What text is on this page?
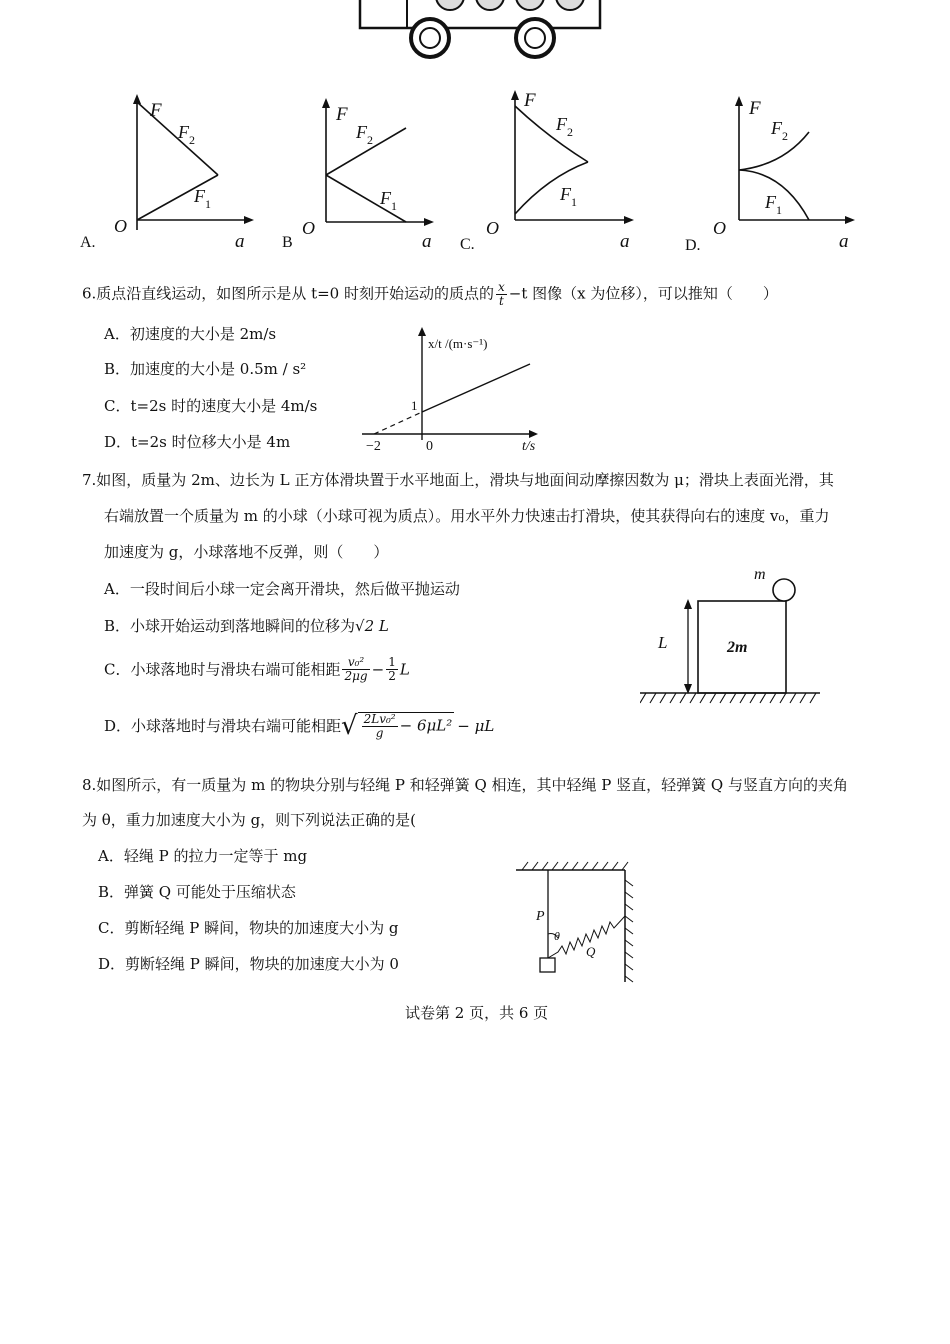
F
F 2
F 1
O
a
A.
F
F 2
F 1
O
a
B
F
F 2
F 1
O
a
C.
F
F 2
F 1
O
a
D.
6.质点沿直线运动，如图所示是从 t=0 时刻开始运动的质点的 $\frac{x}{t} -t$ 图像（x 为位移），可以推知（　　）
A．初速度的大小是 2m/s
B．加速度的大小是 0.5m / s²
C．t=2s 时的速度大小是 4m/s
D．t=2s 时位移大小是 4m
x/t /(m·s⁻¹)
1
0
−2	t/s
7.如图，质量为 2m、边长为 L 正方体滑块置于水平地面上，滑块与地面间动摩擦因数为 μ；滑块上表面光滑，其
右端放置一个质量为 m 的小球（小球可视为质点）。用水平外力快速击打滑块，使其获得向右的速度 v₀，重力
加速度为 g，小球落地不反弹，则（　　）
A．一段时间后小球一定会离开滑块，然后做平抛运动
B．小球开始运动到落地瞬间的位移为√2 L
C．小球落地时与滑块右端可能相距 $\frac{\text{v₀²}}{2\mu g} - \frac{1}{2}$ L
D．小球落地时与滑块右端可能相距√ $\frac{\text{2Lv₀²}}{g} - 6\mu L^2 - \mu L$
m
2m
L
8.如图所示，有一质量为 m 的物块分别与轻绳 P 和轻弹簧 Q 相连，其中轻绳 P 竖直，轻弹簧 Q 与竖直方向的夹角
为 θ，重力加速度大小为 g，则下列说法正确的是(
A．轻绳 P 的拉力一定等于 mg
B．弹簧 Q 可能处于压缩状态
C．剪断轻绳 P 瞬间，物块的加速度大小为 g
D．剪断轻绳 P 瞬间，物块的加速度大小为 0
P
θ
Q
试卷第 2 页，共 6 页
